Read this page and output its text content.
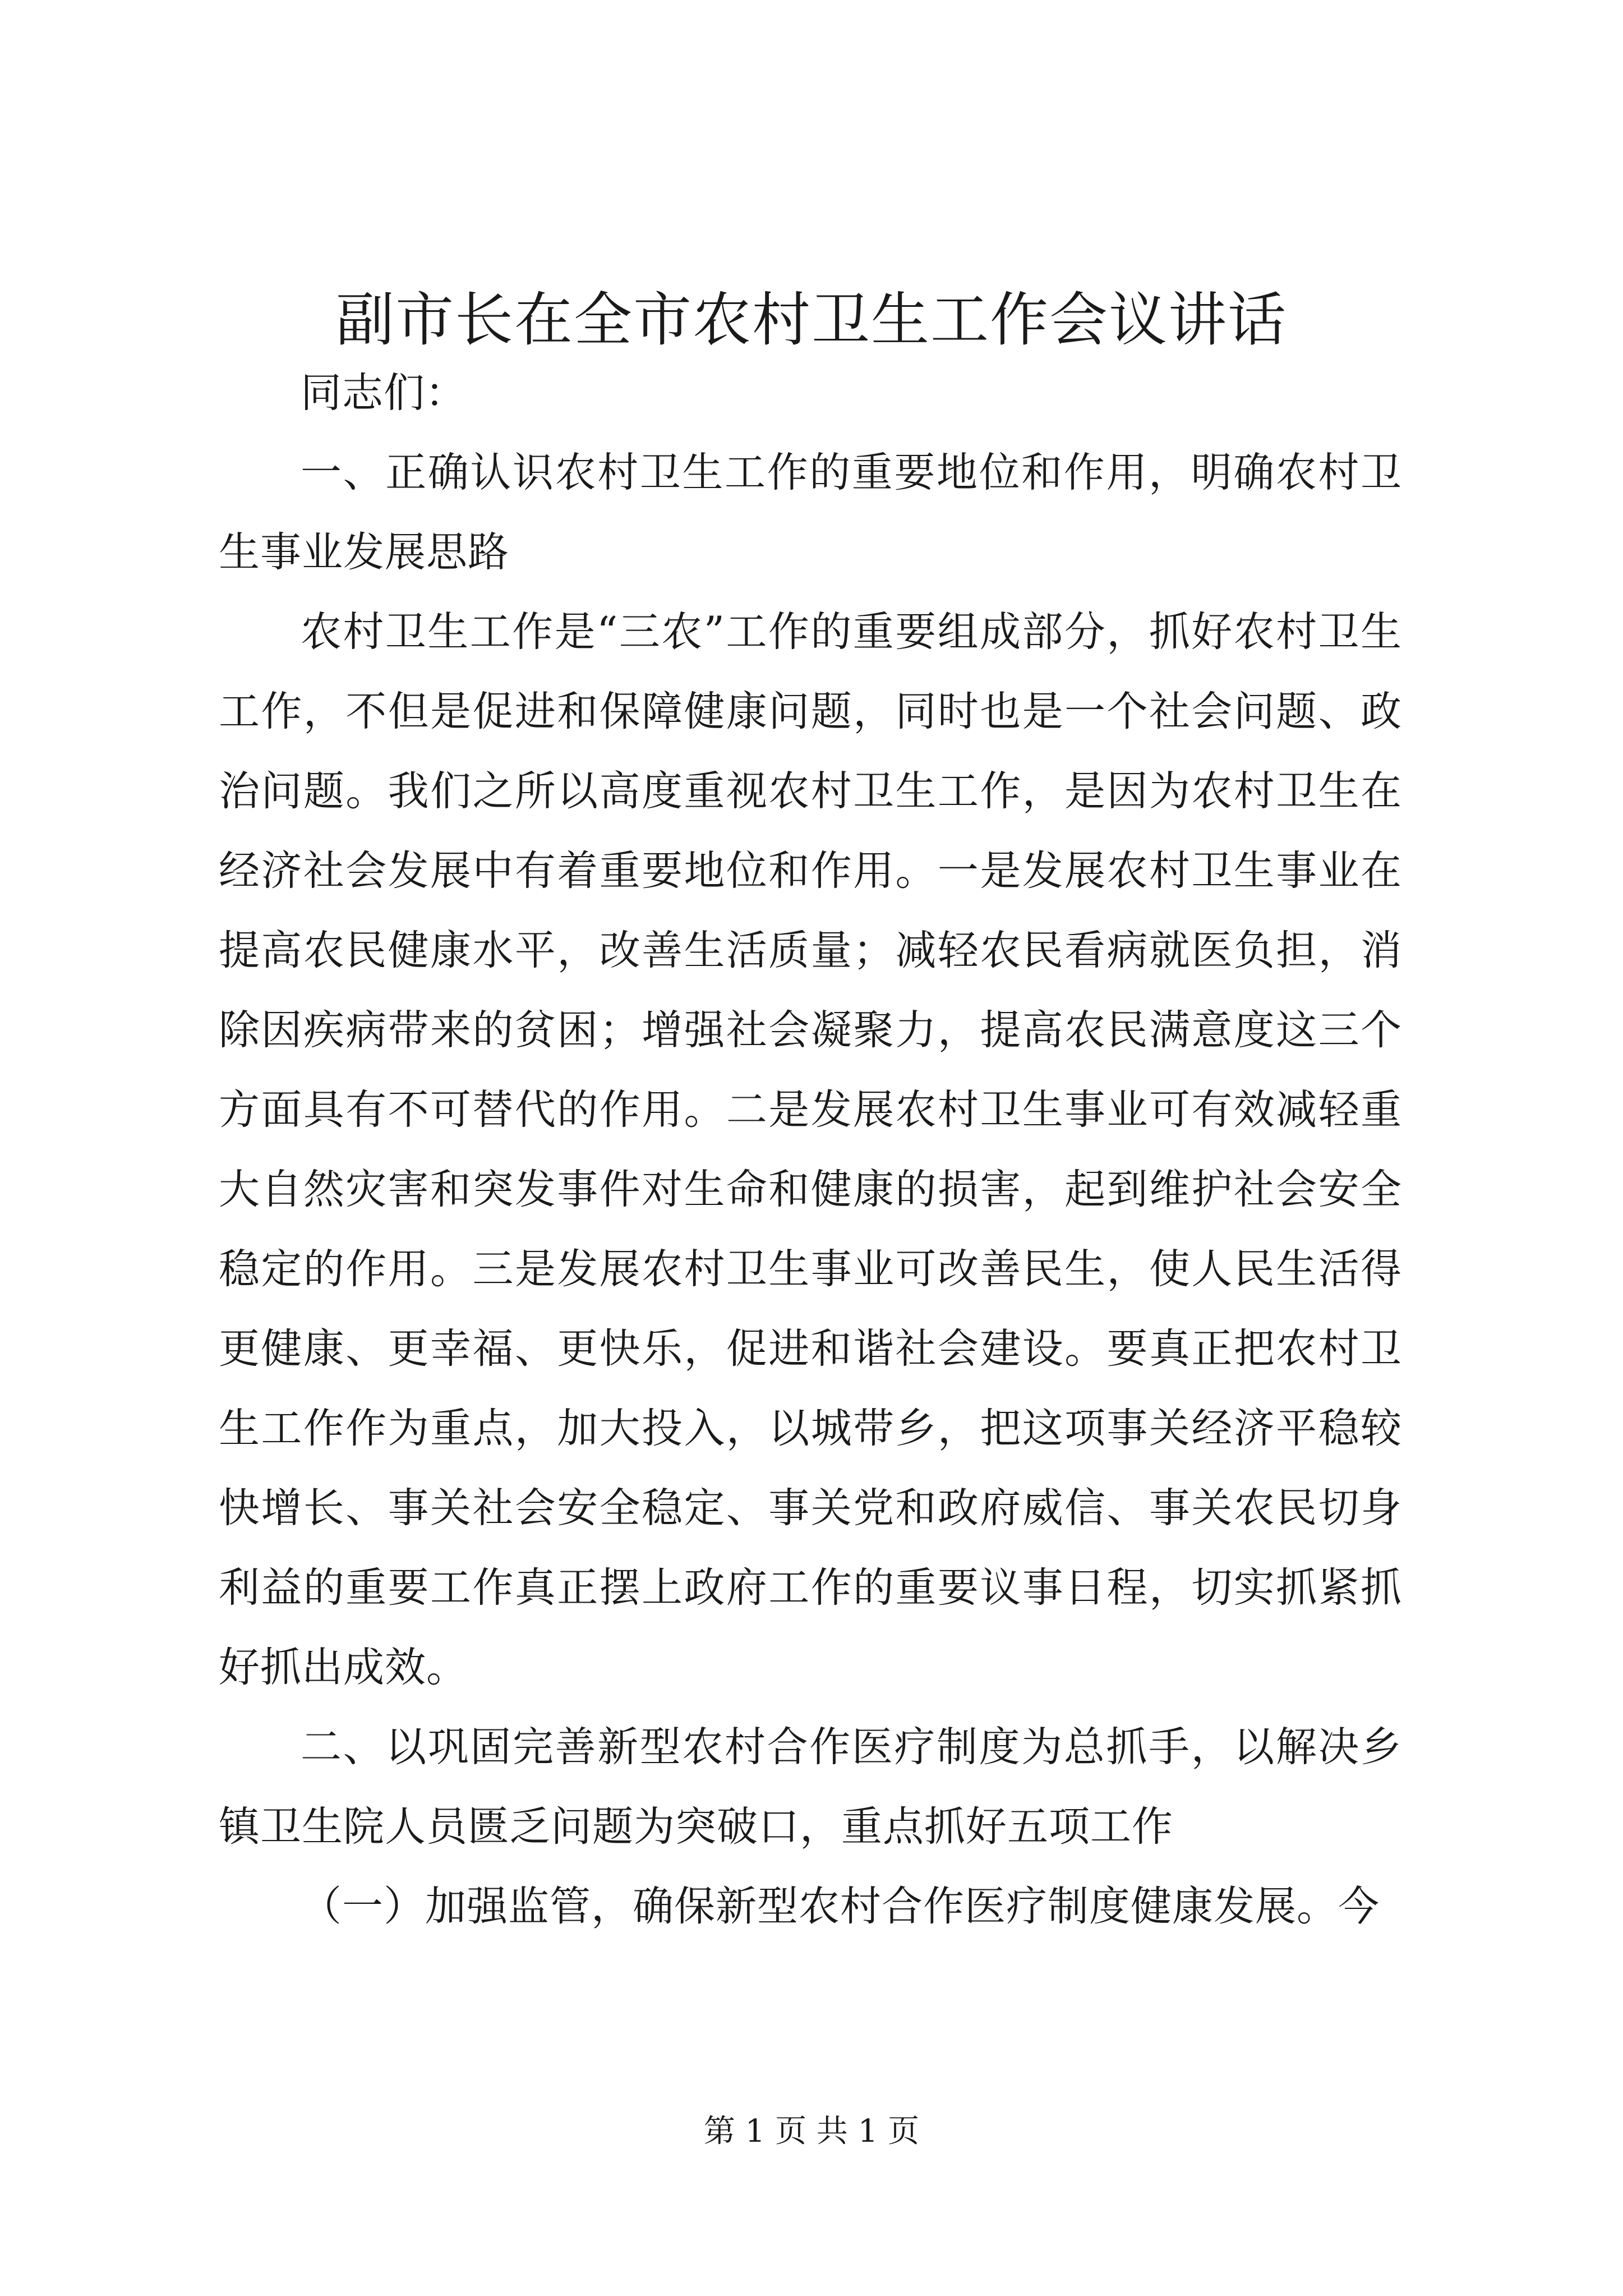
副市长在全市农村卫生工作会议讲话

同志们：

一、正确认识农村卫生工作的重要地位和作用，明确农村卫生事业发展思路

农村卫生工作是“三农”工作的重要组成部分，抓好农村卫生工作，不但是促进和保障健康问题，同时也是一个社会问题、政治问题。我们之所以高度重视农村卫生工作，是因为农村卫生在经济社会发展中有着重要地位和作用。一是发展农村卫生事业在提高农民健康水平，改善生活质量；减轻农民看病就医负担，消除因疾病带来的贫困；增强社会凝聚力，提高农民满意度这三个方面具有不可替代的作用。二是发展农村卫生事业可有效减轻重大自然灾害和突发事件对生命和健康的损害，起到维护社会安全稳定的作用。三是发展农村卫生事业可改善民生，使人民生活得更健康、更幸福、更快乐，促进和谐社会建设。要真正把农村卫生工作作为重点，加大投入，以城带乡，把这项事关经济平稳较快增长、事关社会安全稳定、事关党和政府威信、事关农民切身利益的重要工作真正摆上政府工作的重要议事日程，切实抓紧抓好抓出成效。

二、以巩固完善新型农村合作医疗制度为总抓手，以解决乡镇卫生院人员匮乏问题为突破口，重点抓好五项工作

（一）加强监管，确保新型农村合作医疗制度健康发展。今

第 1 页 共 1 页
